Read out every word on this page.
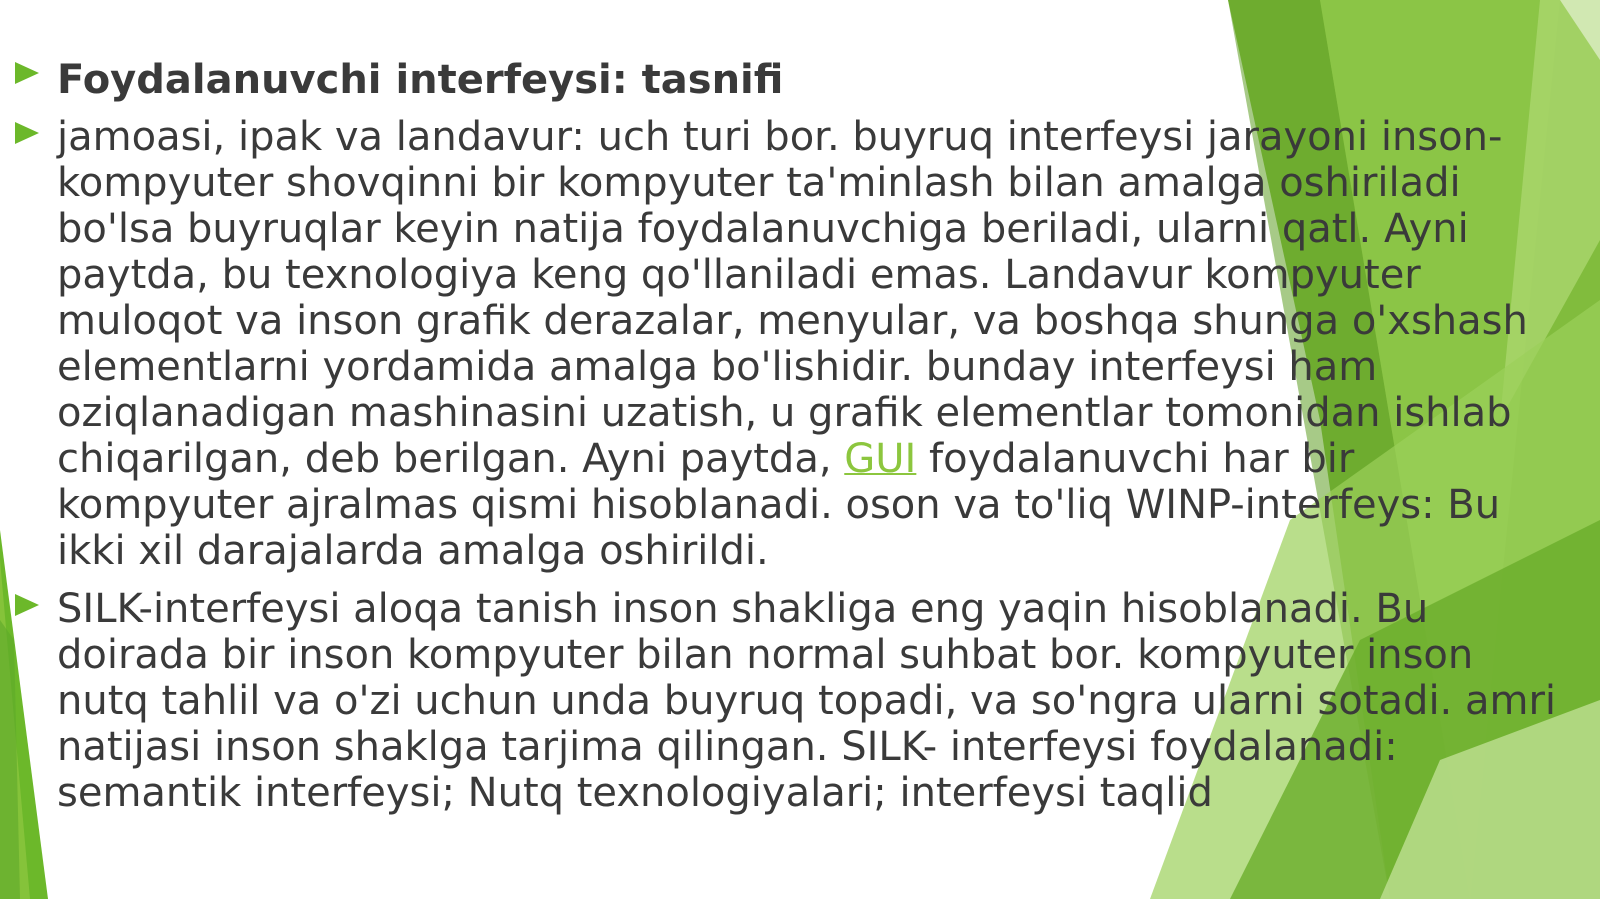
Foydalanuvchi interfeysi: tasnifi
jamoasi, ipak va landavur: uch turi bor. buyruq interfeysi jarayoni inson-kompyuter shovqinni bir kompyuter ta'minlash bilan amalga oshiriladi bo'lsa buyruqlar keyin natija foydalanuvchiga beriladi, ularni qatl. Ayni paytda, bu texnologiya keng qo'llaniladi emas. Landavur kompyuter muloqot va inson grafik derazalar, menyular, va boshqa shunga o'xshash elementlarni yordamida amalga bo'lishidir. bunday interfeysi ham oziqlanadigan mashinasini uzatish, u grafik elementlar tomonidan ishlab chiqarilgan, deb berilgan. Ayni paytda, GUI foydalanuvchi har bir kompyuter ajralmas qismi hisoblanadi. oson va to'liq WINP-interfeys: Bu ikki xil darajalarda amalga oshirildi.
SILK-interfeysi aloqa tanish inson shakliga eng yaqin hisoblanadi. Bu doirada bir inson kompyuter bilan normal suhbat bor. kompyuter inson nutq tahlil va o'zi uchun unda buyruq topadi, va so'ngra ularni sotadi. amri natijasi inson shaklga tarjima qilingan. SILK- interfeysi foydalanadi: semantik interfeysi; Nutq texnologiyalari; interfeysi taqlid
